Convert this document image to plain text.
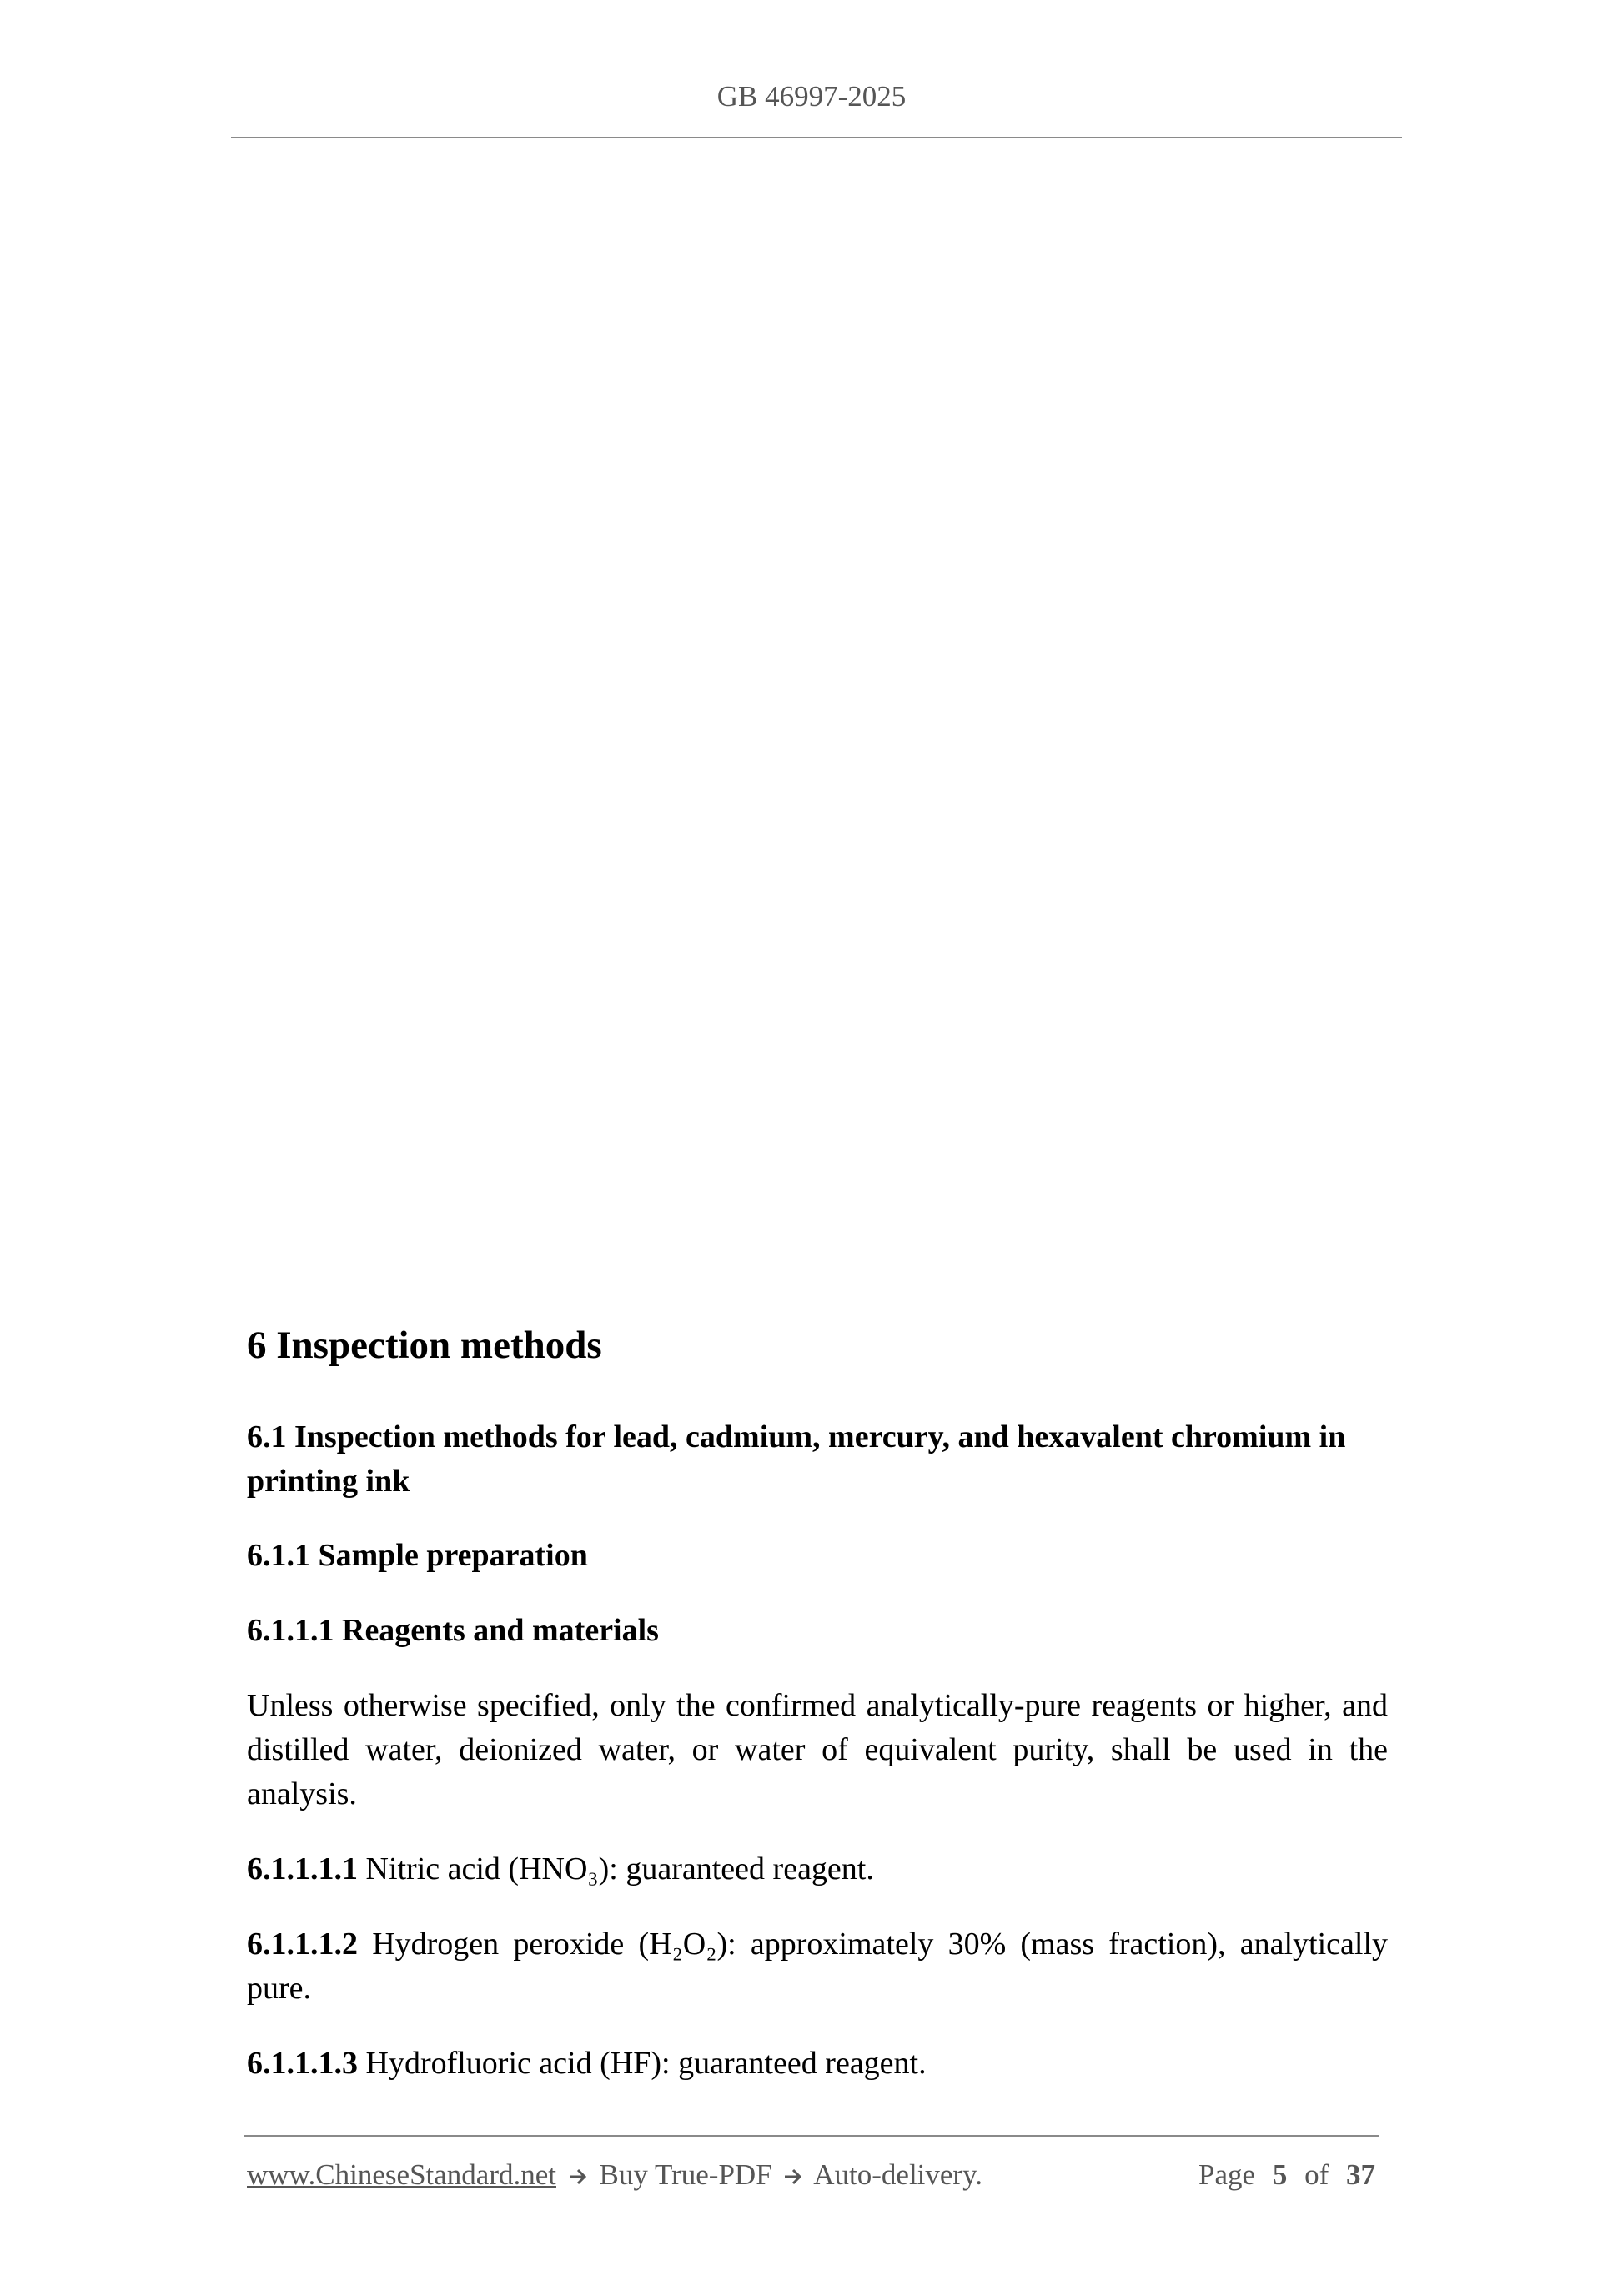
GB 46997-2025
6 Inspection methods
6.1 Inspection methods for lead, cadmium, mercury, and hexavalent chromium in printing ink
6.1.1 Sample preparation
6.1.1.1 Reagents and materials
Unless otherwise specified, only the confirmed analytically-pure reagents or higher, and distilled water, deionized water, or water of equivalent purity, shall be used in the analysis.
6.1.1.1.1 Nitric acid (HNO₃): guaranteed reagent.
6.1.1.1.2 Hydrogen peroxide (H₂O₂): approximately 30% (mass fraction), analytically pure.
6.1.1.1.3 Hydrofluoric acid (HF): guaranteed reagent.
www.ChineseStandard.net Buy True-PDF Auto-delivery.	Page 5 of 37
